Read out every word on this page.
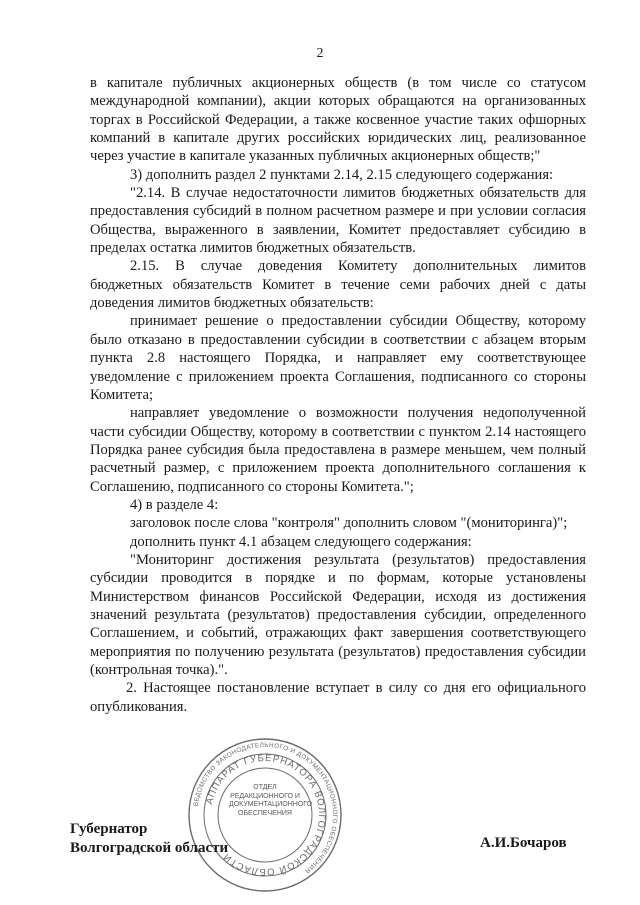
2

в капитале публичных акционерных обществ (в том числе со статусом международной компании), акции которых обращаются на организованных торгах в Российской Федерации, а также косвенное участие таких офшорных компаний в капитале других российских юридических лиц, реализованное через участие в капитале указанных публичных акционерных обществ;"

3) дополнить раздел 2 пунктами 2.14, 2.15 следующего содержания:

"2.14. В случае недостаточности лимитов бюджетных обязательств для предоставления субсидий в полном расчетном размере и при условии согласия Общества, выраженного в заявлении, Комитет предоставляет субсидию в пределах остатка лимитов бюджетных обязательств.

2.15. В случае доведения Комитету дополнительных лимитов бюджетных обязательств Комитет в течение семи рабочих дней с даты доведения лимитов бюджетных обязательств:

принимает решение о предоставлении субсидии Обществу, которому было отказано в предоставлении субсидии в соответствии с абзацем вторым пункта 2.8 настоящего Порядка, и направляет ему соответствующее уведомление с приложением проекта Соглашения, подписанного со стороны Комитета;

направляет уведомление о возможности получения недополученной части субсидии Обществу, которому в соответствии с пунктом 2.14 настоящего Порядка ранее субсидия была предоставлена в размере меньшем, чем полный расчетный размер, с приложением проекта дополнительного соглашения к Соглашению, подписанного со стороны Комитета.";

4) в разделе 4:

заголовок после слова "контроля" дополнить словом "(мониторинга)";

дополнить пункт 4.1 абзацем следующего содержания:

"Мониторинг достижения результата (результатов) предоставления субсидии проводится в порядке и по формам, которые установлены Министерством финансов Российской Федерации, исходя из достижения значений результата (результатов) предоставления субсидии, определенного Соглашением, и событий, отражающих факт завершения соответствующего мероприятия по получению результата (результатов) предоставления субсидии (контрольная точка).".

2. Настоящее постановление вступает в силу со дня его официального опубликования.

ВЕДОМСТВО ЗАКОНОДАТЕЛЬНОГО И ДОКУМЕНТАЦИОННОГО ОБЕСПЕЧЕНИЯ
АППАРАТ ГУБЕРНАТОРА ВОЛГОГРАДСКОЙ ОБЛАСТИ
ОТДЕЛ
РЕДАКЦИОННОГО И
ДОКУМЕНТАЦИОННОГО
ОБЕСПЕЧЕНИЯ
Губернатор
Волгоградской области	А.И.Бочаров
